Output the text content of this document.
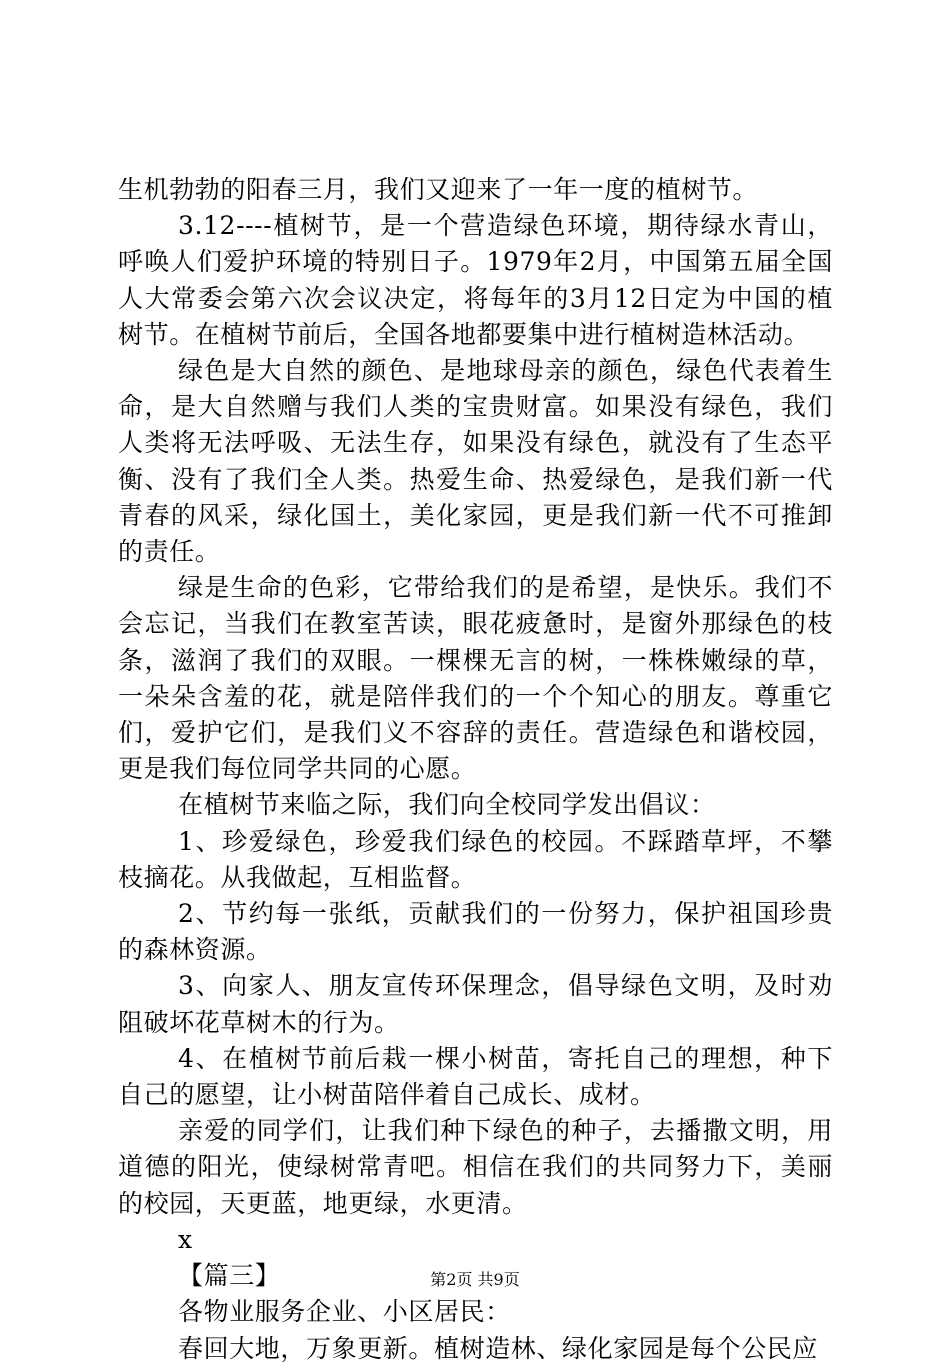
生机勃勃的阳春三月，我们又迎来了一年一度的植树节。

3.12----植树节，是一个营造绿色环境，期待绿水青山，呼唤人们爱护环境的特别日子。1979年2月，中国第五届全国人大常委会第六次会议决定，将每年的3月12日定为中国的植树节。在植树节前后，全国各地都要集中进行植树造林活动。

绿色是大自然的颜色、是地球母亲的颜色，绿色代表着生命，是大自然赠与我们人类的宝贵财富。如果没有绿色，我们人类将无法呼吸、无法生存，如果没有绿色，就没有了生态平衡、没有了我们全人类。热爱生命、热爱绿色，是我们新一代青春的风采，绿化国土，美化家园，更是我们新一代不可推卸的责任。

绿是生命的色彩，它带给我们的是希望，是快乐。我们不会忘记，当我们在教室苦读，眼花疲惫时，是窗外那绿色的枝条，滋润了我们的双眼。一棵棵无言的树，一株株嫩绿的草，一朵朵含羞的花，就是陪伴我们的一个个知心的朋友。尊重它们，爱护它们，是我们义不容辞的责任。营造绿色和谐校园，更是我们每位同学共同的心愿。

在植树节来临之际，我们向全校同学发出倡议：

1、珍爱绿色，珍爱我们绿色的校园。不踩踏草坪，不攀枝摘花。从我做起，互相监督。

2、节约每一张纸，贡献我们的一份努力，保护祖国珍贵的森林资源。

3、向家人、朋友宣传环保理念，倡导绿色文明，及时劝阻破坏花草树木的行为。

4、在植树节前后栽一棵小树苗，寄托自己的理想，种下自己的愿望，让小树苗陪伴着自己成长、成材。

亲爱的同学们，让我们种下绿色的种子，去播撒文明，用道德的阳光，使绿树常青吧。相信在我们的共同努力下，美丽的校园，天更蓝，地更绿，水更清。

x

【篇三】

各物业服务企业、小区居民：

春回大地，万象更新。植树造林、绿化家园是每个公民应

第2页 共9页
